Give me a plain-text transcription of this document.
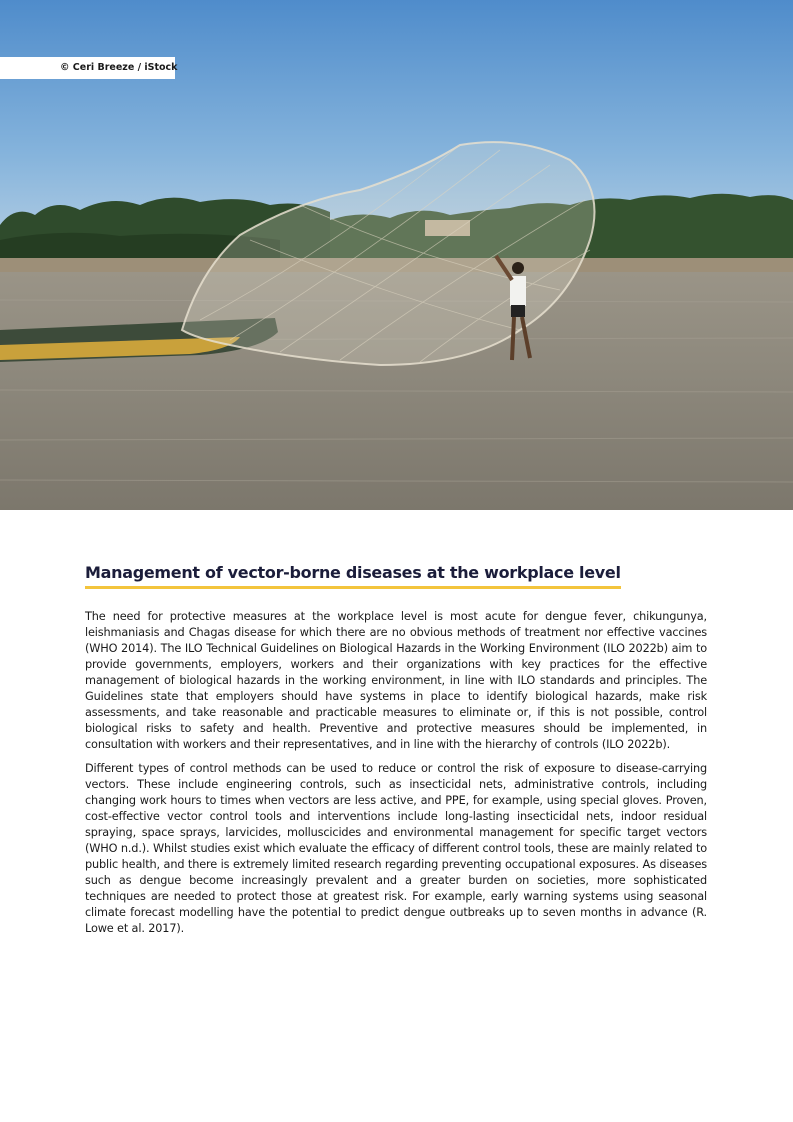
© Ceri Breeze / iStock
Management of vector-borne diseases at the workplace level

The need for protective measures at the workplace level is most acute for dengue fever, chikungunya, leishmaniasis and Chagas disease for which there are no obvious methods of treatment nor effective vaccines (WHO 2014). The ILO Technical Guidelines on Biological Hazards in the Working Environment (ILO 2022b) aim to provide governments, employers, workers and their organizations with key practices for the effective management of biological hazards in the working environment, in line with ILO standards and principles. The Guidelines state that employers should have systems in place to identify biological hazards, make risk assessments, and take reasonable and practicable measures to eliminate or, if this is not possible, control biological risks to safety and health. Preventive and protective measures should be implemented, in consultation with workers and their representatives, and in line with the hierarchy of controls (ILO 2022b).

Different types of control methods can be used to reduce or control the risk of exposure to disease-carrying vectors. These include engineering controls, such as insecticidal nets, administrative controls, including changing work hours to times when vectors are less active, and PPE, for example, using special gloves. Proven, cost-effective vector control tools and interventions include long-lasting insecticidal nets, indoor residual spraying, space sprays, larvicides, molluscicides and environmental management for specific target vectors (WHO n.d.). Whilst studies exist which evaluate the efficacy of different control tools, these are mainly related to public health, and there is extremely limited research regarding preventing occupational exposures. As diseases such as dengue become increasingly prevalent and a greater burden on societies, more sophisticated techniques are needed to protect those at greatest risk. For example, early warning systems using seasonal climate forecast modelling have the potential to predict dengue outbreaks up to seven months in advance (R. Lowe et al. 2017).
